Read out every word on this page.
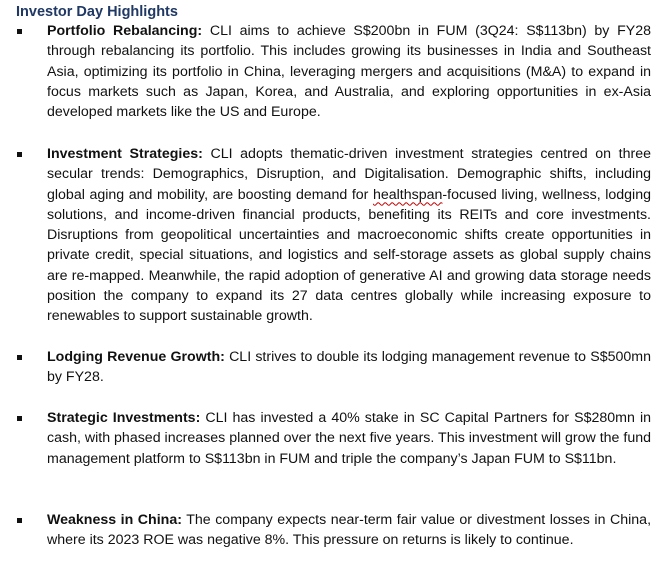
Investor Day Highlights

Portfolio Rebalancing: CLI aims to achieve S$200bn in FUM (3Q24: S$113bn) by FY28 through rebalancing its portfolio. This includes growing its businesses in India and Southeast Asia, optimizing its portfolio in China, leveraging mergers and acquisitions (M&A) to expand in focus markets such as Japan, Korea, and Australia, and exploring opportunities in ex-Asia developed markets like the US and Europe.

Investment Strategies: CLI adopts thematic-driven investment strategies centred on three secular trends: Demographics, Disruption, and Digitalisation. Demographic shifts, including global aging and mobility, are boosting demand for healthspan-focused living, wellness, lodging solutions, and income-driven financial products, benefiting its REITs and core investments. Disruptions from geopolitical uncertainties and macroeconomic shifts create opportunities in private credit, special situations, and logistics and self-storage assets as global supply chains are re-mapped. Meanwhile, the rapid adoption of generative AI and growing data storage needs position the company to expand its 27 data centres globally while increasing exposure to renewables to support sustainable growth.

Lodging Revenue Growth: CLI strives to double its lodging management revenue to S$500mn by FY28.

Strategic Investments: CLI has invested a 40% stake in SC Capital Partners for S$280mn in cash, with phased increases planned over the next five years. This investment will grow the fund management platform to S$113bn in FUM and triple the company’s Japan FUM to S$11bn.

Weakness in China: The company expects near-term fair value or divestment losses in China, where its 2023 ROE was negative 8%. This pressure on returns is likely to continue.
